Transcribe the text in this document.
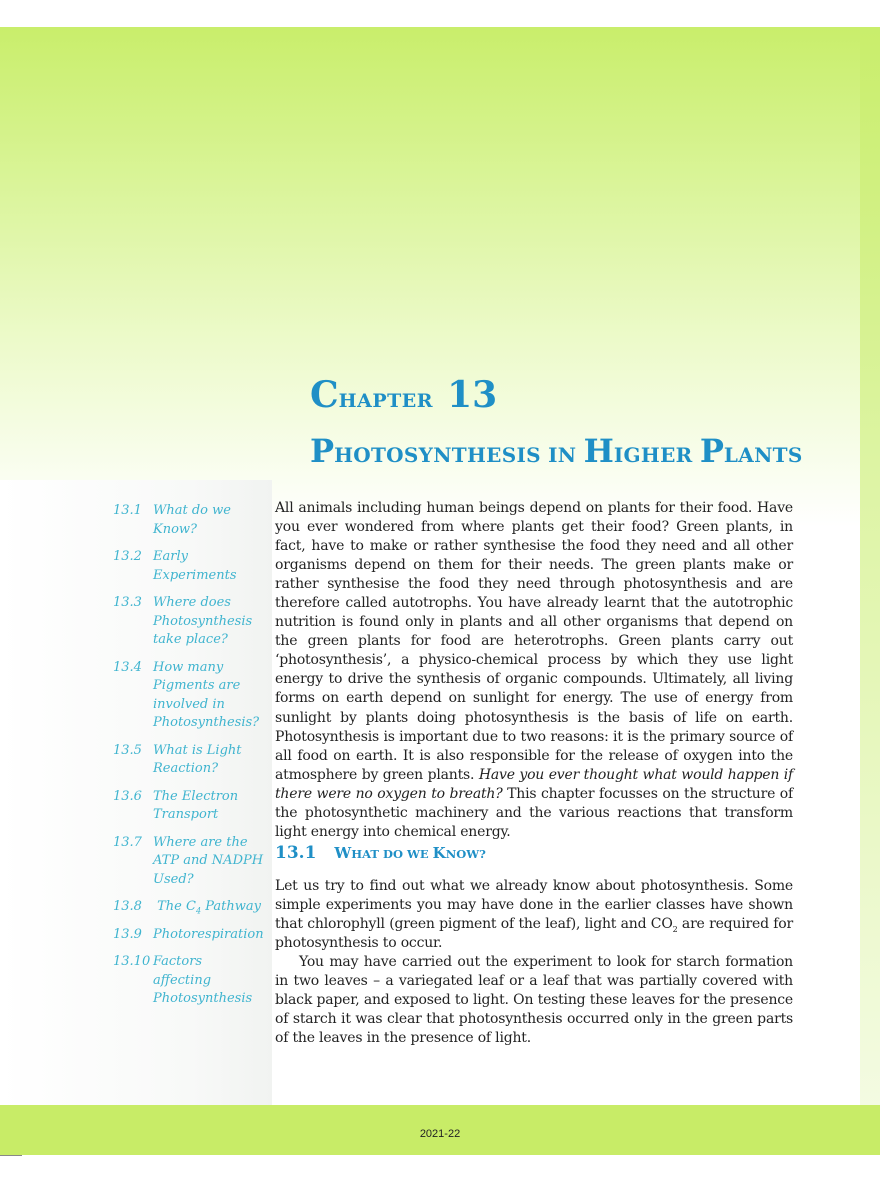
CHAPTER 13
PHOTOSYNTHESIS IN HIGHER PLANTS
13.1 What do we
Know?
13.2 Early
Experiments
13.3 Where does
Photosynthesis
take place?
13.4 How many
Pigments are
involved in
Photosynthesis?
13.5 What is Light
Reaction?
13.6 The Electron
Transport
13.7 Where are the
ATP and NADPH
Used?
13.8	The $C_4$ Pathway
13.9 Photorespiration
13.10 Factors
affecting
Photosynthesis

All animals including human beings depend on plants for their food. Have you ever wondered from where plants get their food? Green plants, in fact, have to make or rather synthesise the food they need and all other organisms depend on them for their needs. The green plants make or rather synthesise the food they need through photosynthesis and are therefore called autotrophs. You have already learnt that the autotrophic nutrition is found only in plants and all other organisms that depend on the green plants for food are heterotrophs. Green plants carry out ‘photosynthesis’, a physico-chemical process by which they use light energy to drive the synthesis of organic compounds. Ultimately, all living forms on earth depend on sunlight for energy. The use of energy from sunlight by plants doing photosynthesis is the basis of life on earth. Photosynthesis is important due to two reasons: it is the primary source of all food on earth. It is also responsible for the release of oxygen into the atmosphere by green plants. Have you ever thought what would happen if there were no oxygen to breath? This chapter focusses on the structure of the photosynthetic machinery and the various reactions that transform light energy into chemical energy.

13.1 WHAT DO WE KNOW?

Let us try to find out what we already know about photosynthesis. Some simple experiments you may have done in the earlier classes have shown that chlorophyll (green pigment of the leaf), light and $CO_2$ are required for photosynthesis to occur.

You may have carried out the experiment to look for starch formation in two leaves – a variegated leaf or a leaf that was partially covered with black paper, and exposed to light. On testing these leaves for the presence of starch it was clear that photosynthesis occurred only in the green parts of the leaves in the presence of light.

2021-22
